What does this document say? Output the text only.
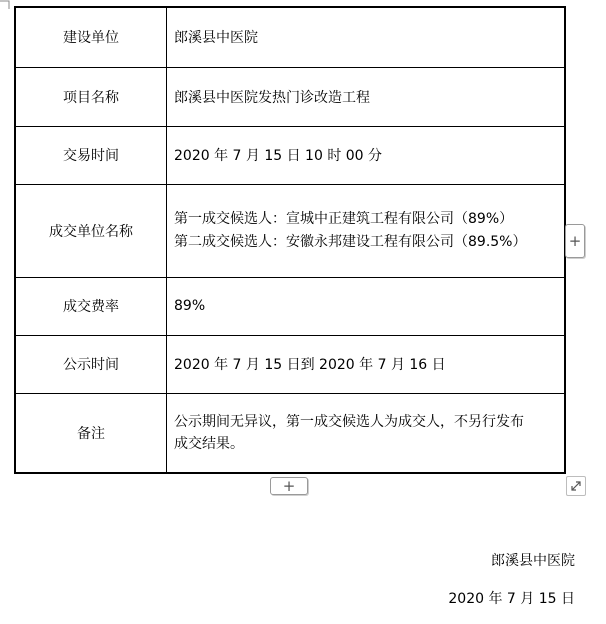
建设单位	郎溪县中医院
项目名称	郎溪县中医院发热门诊改造工程
交易时间	2020 年 7 月 15 日 10 时 00 分
成交单位名称	第一成交候选人：宣城中正建筑工程有限公司（89%）
第二成交候选人：安徽永邦建设工程有限公司（89.5%）

成交费率	89%
公示时间	2020 年 7 月 15 日到 2020 年 7 月 16 日
备注	公示期间无异议，第一成交候选人为成交人，不另行发布
成交结果。
+
+
郎溪县中医院
2020 年 7 月 15 日
